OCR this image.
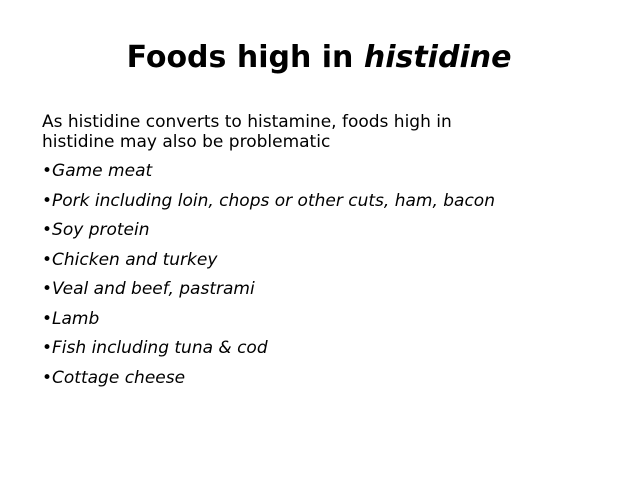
Foods high in histidine

As histidine converts to histamine, foods high in histidine may also be problematic

•Game meat
•Pork including loin, chops or other cuts, ham, bacon
•Soy protein
•Chicken and turkey
•Veal and beef, pastrami
•Lamb
•Fish including tuna & cod
•Cottage cheese
